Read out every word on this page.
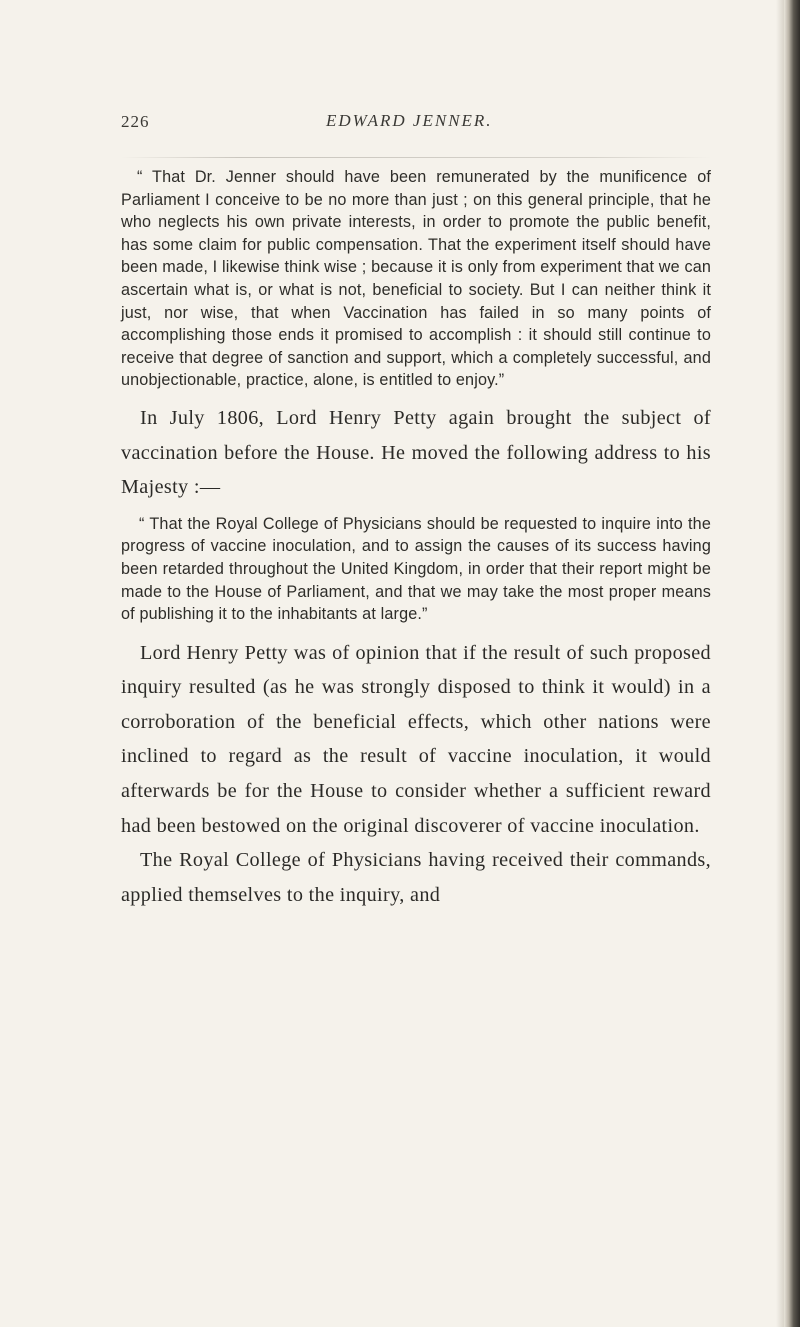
226	EDWARD JENNER.

“ That Dr. Jenner should have been remunerated by the munificence of Parliament I conceive to be no more than just ; on this general principle, that he who neglects his own private interests, in order to promote the public benefit, has some claim for public compensation. That the experiment itself should have been made, I likewise think wise ; because it is only from experiment that we can ascertain what is, or what is not, beneficial to society. But I can neither think it just, nor wise, that when Vaccination has failed in so many points of accomplishing those ends it promised to accomplish : it should still continue to receive that degree of sanction and support, which a completely successful, and unobjectionable, practice, alone, is entitled to enjoy.”

In July 1806, Lord Henry Petty again brought the subject of vaccination before the House. He moved the following address to his Majesty :—

“ That the Royal College of Physicians should be requested to inquire into the progress of vaccine inoculation, and to assign the causes of its success having been retarded throughout the United Kingdom, in order that their report might be made to the House of Parliament, and that we may take the most proper means of publishing it to the inhabitants at large.”

Lord Henry Petty was of opinion that if the result of such proposed inquiry resulted (as he was strongly disposed to think it would) in a corroboration of the beneficial effects, which other nations were inclined to regard as the result of vaccine inoculation, it would afterwards be for the House to consider whether a sufficient reward had been bestowed on the original discoverer of vaccine inoculation.

The Royal College of Physicians having received their commands, applied themselves to the inquiry, and
